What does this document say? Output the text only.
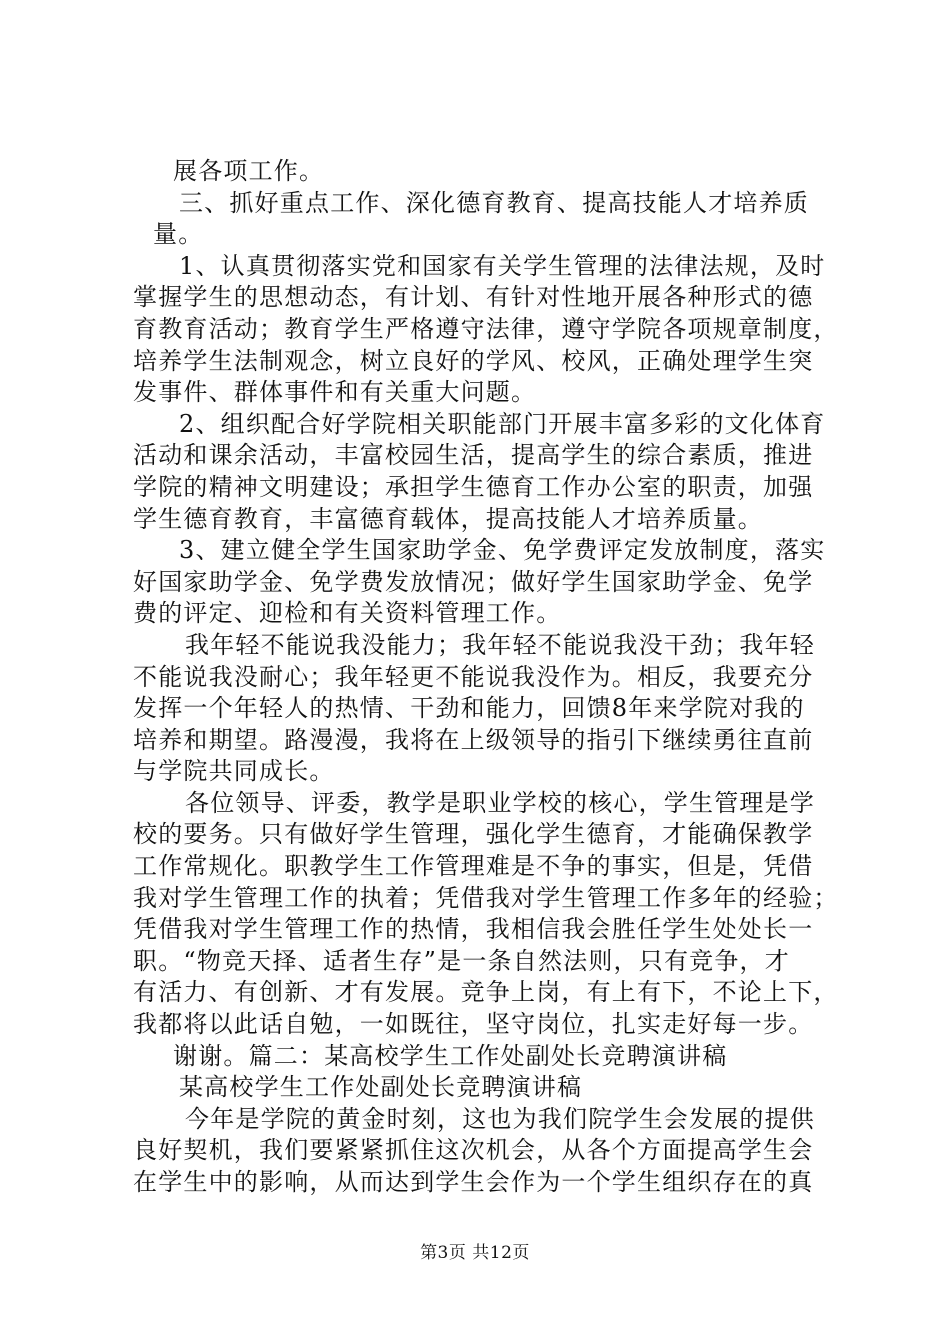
展各项工作。
三、抓好重点工作、深化德育教育、提高技能人才培养质
量。
1、认真贯彻落实党和国家有关学生管理的法律法规，及时
掌握学生的思想动态，有计划、有针对性地开展各种形式的德
育教育活动；教育学生严格遵守法律，遵守学院各项规章制度，
培养学生法制观念，树立良好的学风、校风，正确处理学生突
发事件、群体事件和有关重大问题。
2、组织配合好学院相关职能部门开展丰富多彩的文化体育
活动和课余活动，丰富校园生活，提高学生的综合素质，推进
学院的精神文明建设；承担学生德育工作办公室的职责，加强
学生德育教育，丰富德育载体，提高技能人才培养质量。
3、建立健全学生国家助学金、免学费评定发放制度，落实
好国家助学金、免学费发放情况；做好学生国家助学金、免学
费的评定、迎检和有关资料管理工作。
我年轻不能说我没能力；我年轻不能说我没干劲；我年轻
不能说我没耐心；我年轻更不能说我没作为。相反，我要充分
发挥一个年轻人的热情、干劲和能力，回馈8年来学院对我的
培养和期望。路漫漫，我将在上级领导的指引下继续勇往直前
与学院共同成长。
各位领导、评委，教学是职业学校的核心，学生管理是学
校的要务。只有做好学生管理，强化学生德育，才能确保教学
工作常规化。职教学生工作管理难是不争的事实，但是，凭借
我对学生管理工作的执着；凭借我对学生管理工作多年的经验；
凭借我对学生管理工作的热情，我相信我会胜任学生处处长一
职。“物竞天择、适者生存”是一条自然法则，只有竞争，才
有活力、有创新、才有发展。竞争上岗，有上有下，不论上下，
我都将以此话自勉，一如既往，坚守岗位，扎实走好每一步。
谢谢。篇二：某高校学生工作处副处长竞聘演讲稿
某高校学生工作处副处长竞聘演讲稿
今年是学院的黄金时刻，这也为我们院学生会发展的提供
良好契机，我们要紧紧抓住这次机会，从各个方面提高学生会
在学生中的影响，从而达到学生会作为一个学生组织存在的真
第3页 共12页
